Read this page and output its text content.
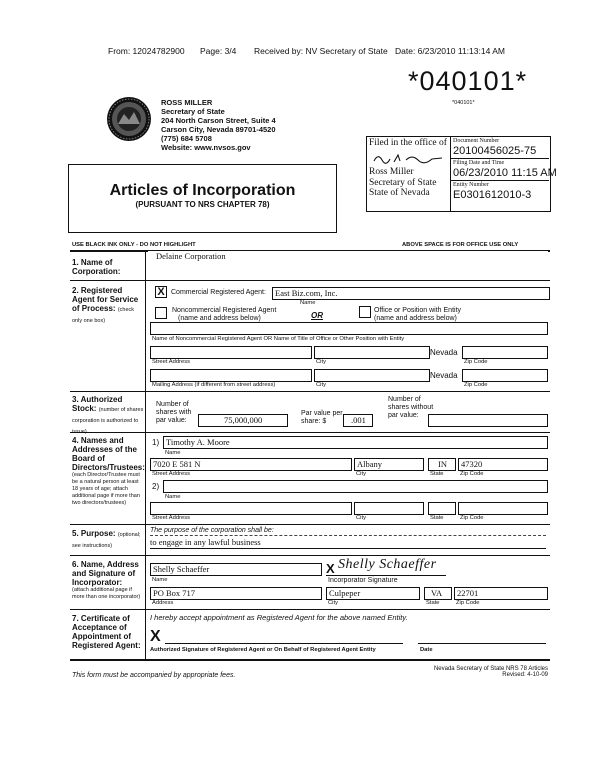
From: 12024782900 Page: 3/4 Received by: NV Secretary of State Date: 6/23/2010 11:13:14 AM
*040101*
*040101*
ROSS MILLER
Secretary of State
204 North Carson Street, Suite 4
Carson City, Nevada 89701-4520
(775) 684 5708
Website: www.nvsos.gov	Filed in the office of
Ross Miller
Secretary of State
State of Nevada
Document Number
20100456025-75
Filing Date and Time
06/23/2010 11:15 AM
Entity Number
E0301612010-3
Articles of Incorporation
(PURSUANT TO NRS CHAPTER 78)
USE BLACK INK ONLY - DO NOT HIGHLIGHT	ABOVE SPACE IS FOR OFFICE USE ONLY
1. Name of Corporation:
Delaine Corporation
2. Registered Agent for Service of Process: (check only one box)
X Commercial Registered Agent: East Biz.com, Inc.
Name
Noncommercial Registered Agent
(name and address below)	OR
Office or Position with Entity
(name and address below)
Name of Noncommercial Registered Agent OR Name of Title of Office or Other Position with Entity
Nevada
Street Address	City	Zip Code
Nevada
Mailing Address (if different from street address)	City	Zip Code
3. Authorized Stock: (number of shares corporation is authorized to issue)
Number of shares with par value:	75,000,000
Par value per share: $	.001
Number of shares without par value:
4. Names and Addresses of the Board of Directors/Trustees:
(each Director/Trustee must be a natural person at least 18 years of age; attach additional page if more than two directors/trustees)
1) Timothy A. Moore
Name
7020 E 581 N	Albany	IN 47320
Street Address	City	State	Zip Code
2)
Name
Street Address	City	State	Zip Code
5. Purpose: (optional; see instructions)
The purpose of the corporation shall be:
to engage in any lawful business
6. Name, Address and Signature of Incorporator:
(attach additional page if more than one incorporator)
Shelly Schaeffer	X Shelly Schaeffer
Name	Incorporator Signature
PO Box 717	Culpeper	VA 22701
Address	City	State	Zip Code
7. Certificate of Acceptance of Appointment of Registered Agent:
I hereby accept appointment as Registered Agent for the above named Entity.
X
Authorized Signature of Registered Agent or On Behalf of Registered Agent Entity	Date
This form must be accompanied by appropriate fees.
Nevada Secretary of State NRS 78 Articles
Revised: 4-10-09
